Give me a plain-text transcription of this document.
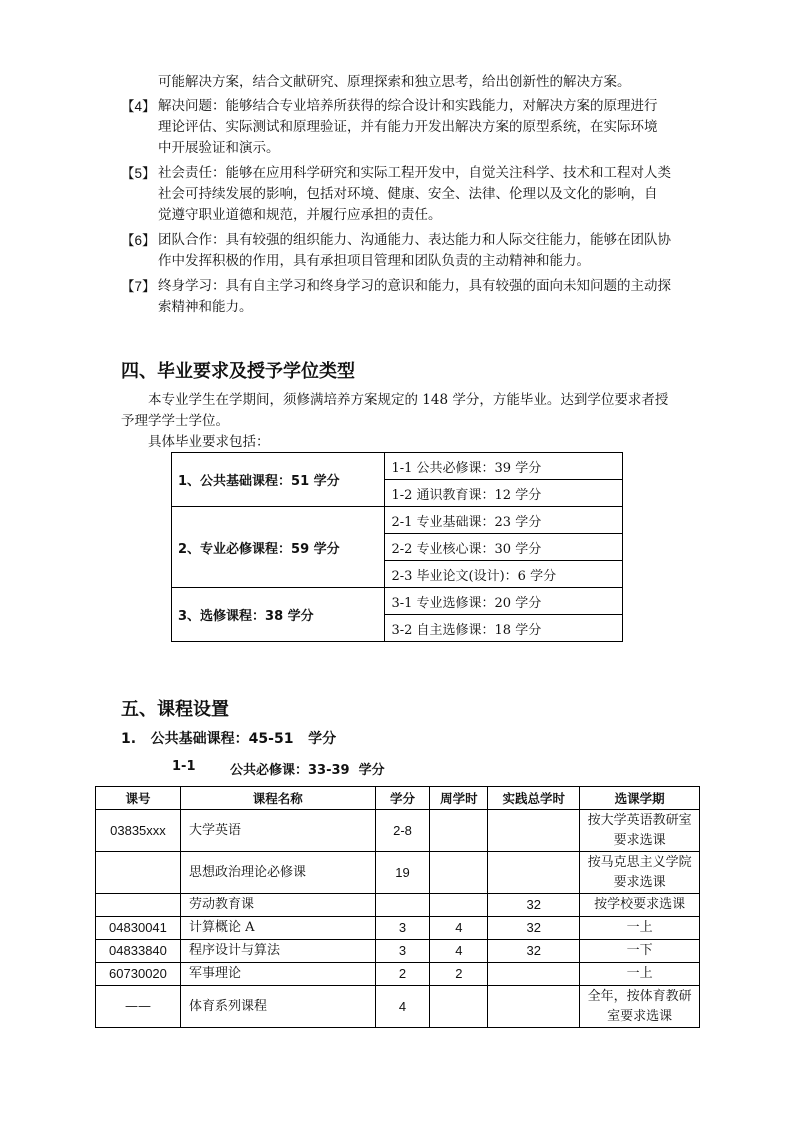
可能解决方案，结合文献研究、原理探索和独立思考，给出创新性的解决方案。
【4】 解决问题：能够结合专业培养所获得的综合设计和实践能力，对解决方案的原理进行
理论评估、实际测试和原理验证，并有能力开发出解决方案的原型系统，在实际环境
中开展验证和演示。
【5】 社会责任：能够在应用科学研究和实际工程开发中，自觉关注科学、技术和工程对人类
社会可持续发展的影响，包括对环境、健康、安全、法律、伦理以及文化的影响，自
觉遵守职业道德和规范，并履行应承担的责任。
【6】 团队合作：具有较强的组织能力、沟通能力、表达能力和人际交往能力，能够在团队协
作中发挥积极的作用，具有承担项目管理和团队负责的主动精神和能力。
【7】 终身学习：具有自主学习和终身学习的意识和能力，具有较强的面向未知问题的主动探
索精神和能力。
四、毕业要求及授予学位类型
本专业学生在学期间，须修满培养方案规定的 148 学分，方能毕业。达到学位要求者授
予理学学士学位。
具体毕业要求包括：
1、公共基础课程：51 学分	1-1 公共必修课：39 学分
	1-2 通识教育课：12 学分
2、专业必修课程：59 学分	2-1 专业基础课：23 学分
	2-2 专业核心课：30 学分
	2-3 毕业论文(设计)：6 学分
3、选修课程：38 学分	3-1 专业选修课：20 学分
	3-2 自主选修课：18 学分
五、课程设置
1.   公共基础课程：45-51   学分
1-1	公共必修课：33-39  学分
课号	课程名称	学分	周学时	实践总学时	选课学期
03835xxx	大学英语	2-8			按大学英语教研室要求选课
	思想政治理论必修课	19			按马克思主义学院要求选课
	劳动教育课			32	按学校要求选课
04830041	计算概论 A	3	4	32	一上
04833840	程序设计与算法	3	4	32	一下
60730020	军事理论	2	2		一上
——	体育系列课程	4			全年，按体育教研室要求选课
